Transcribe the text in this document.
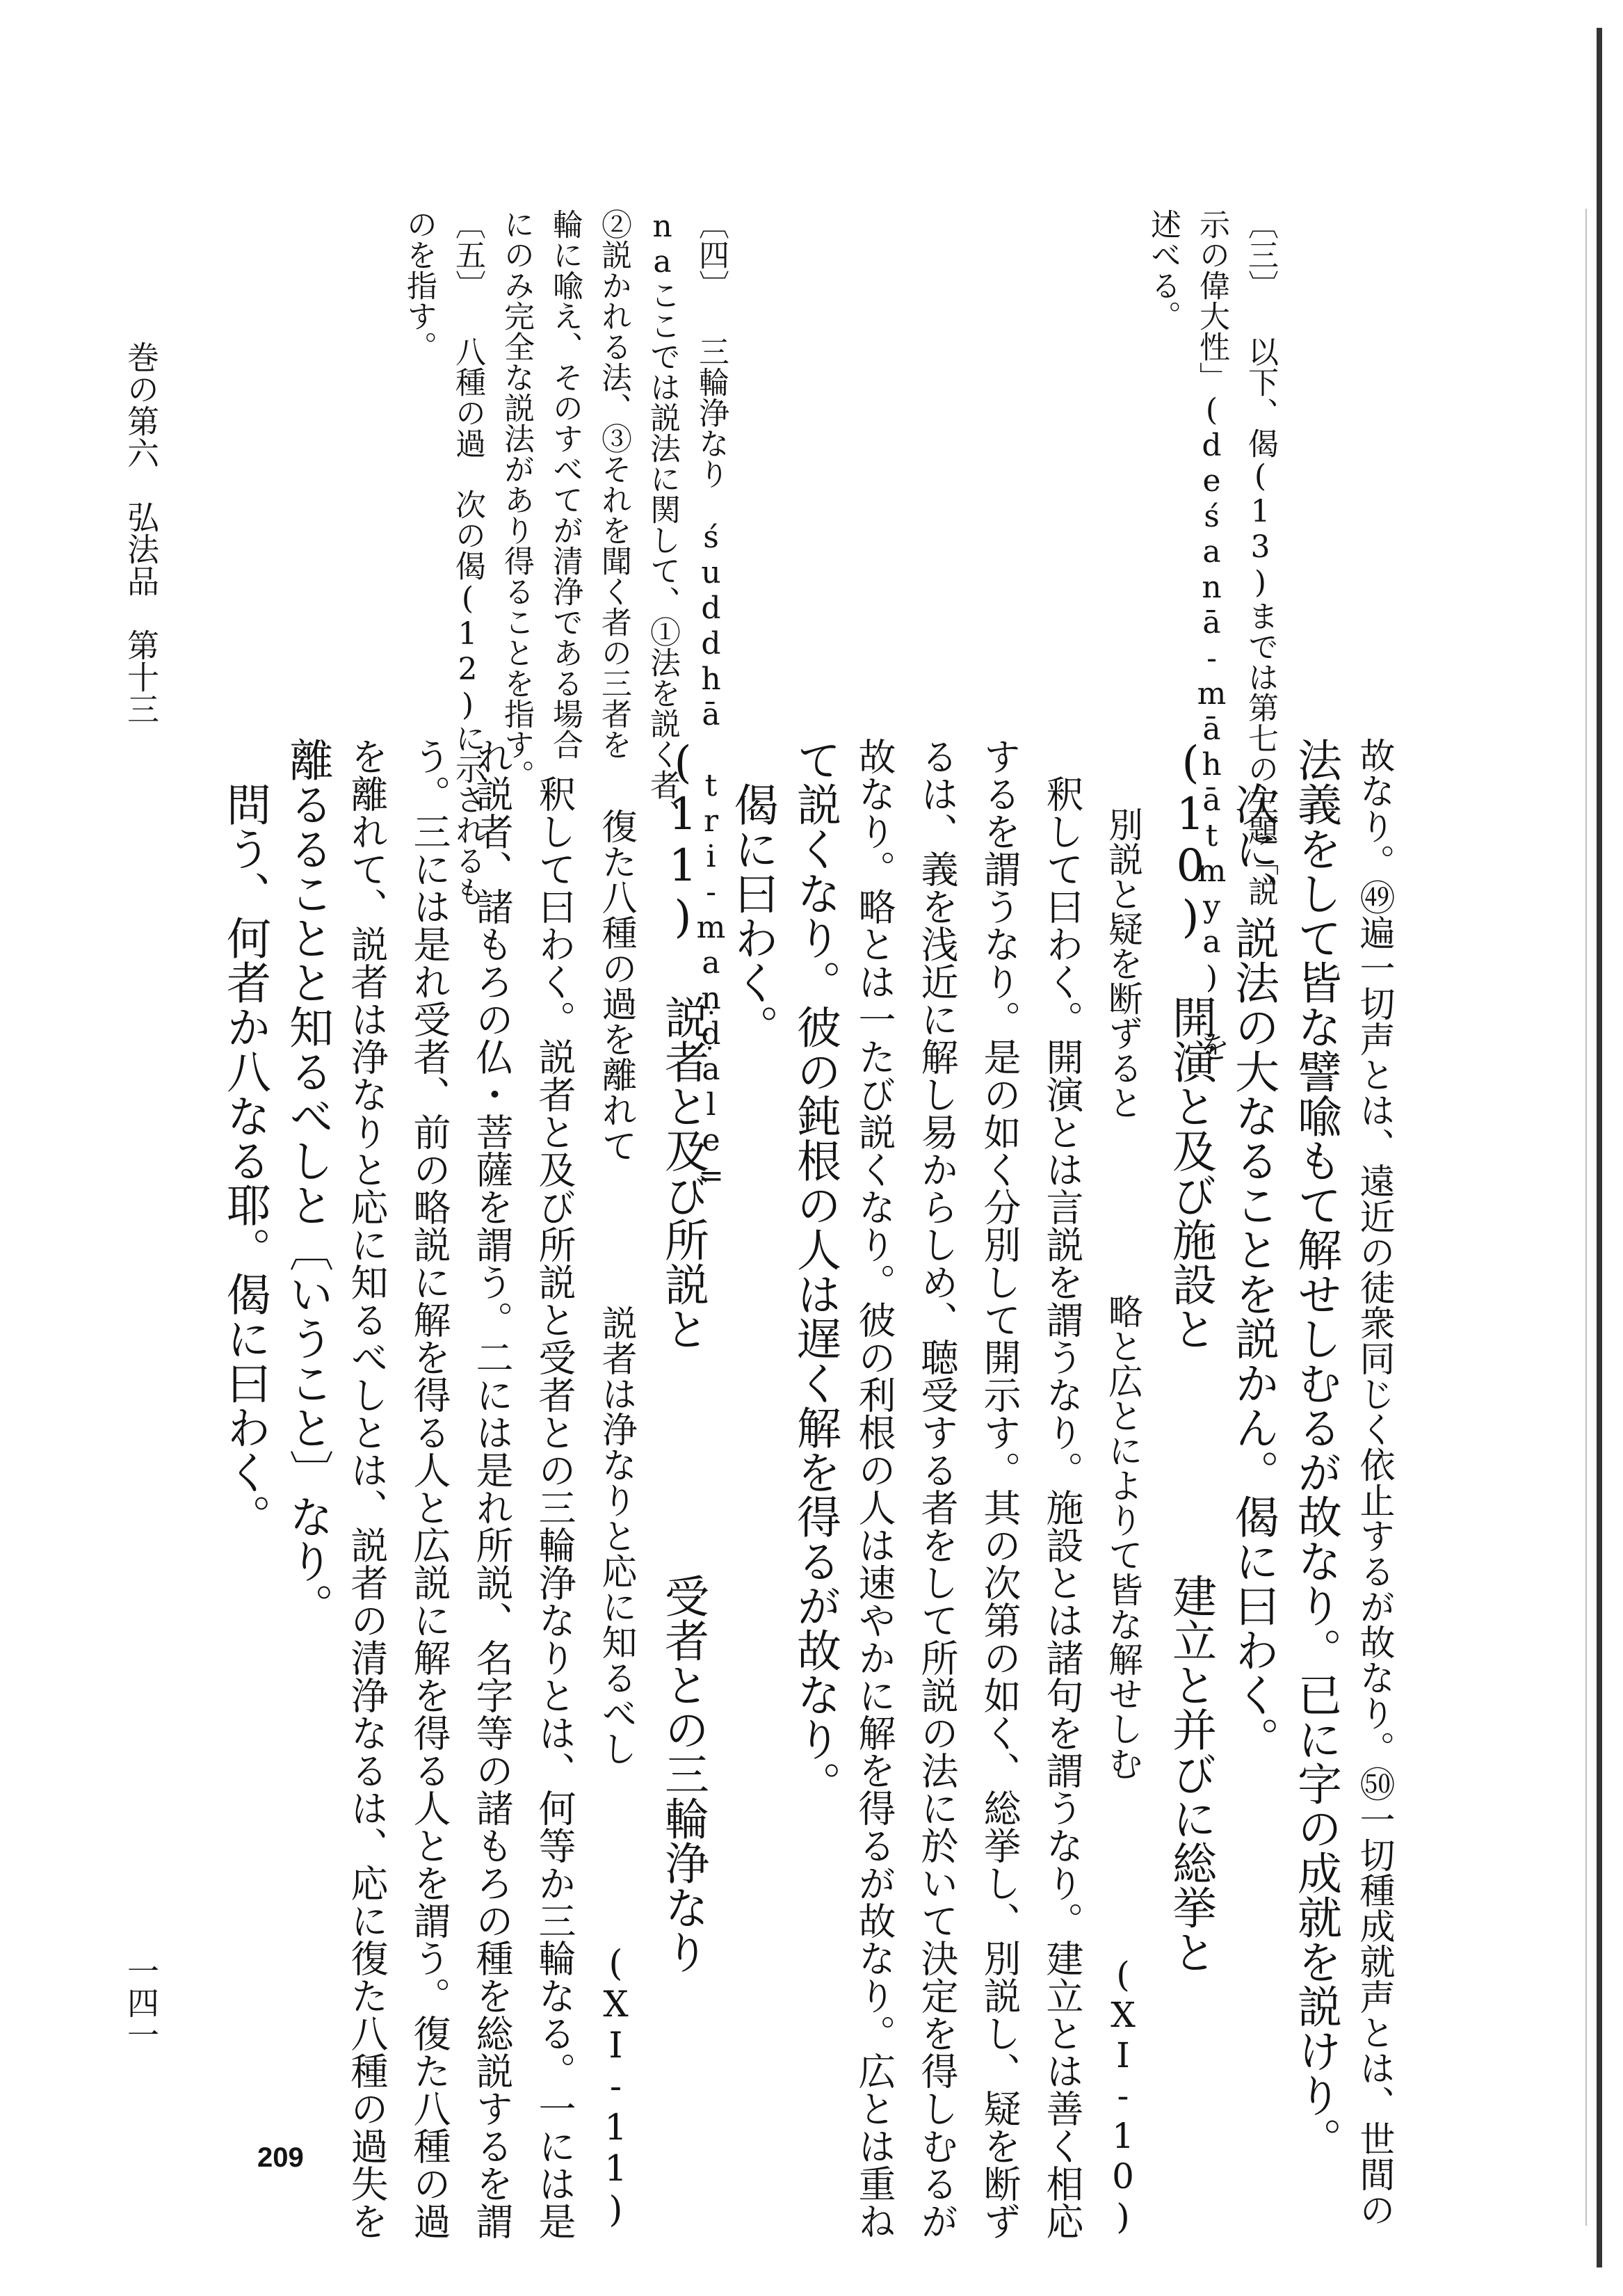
〔三〕 以下、偈(13)までは第七の主題「説
示の偉大性」(deśanā-māhātmya) を
述べる。
〔四〕 三輪浄なり　śuddhā tri-maṇḍale=
naここでは説法に関して、①法を説く者、
②説かれる法、③それを聞く者の三者を
輪に喩え、そのすべてが清浄である場合
にのみ完全な説法があり得ることを指す。
〔五〕 八種の過　次の偈(12)に示されるも
のを指す。
巻の第六　弘法品　第十三
故なり。㊾遍一切声とは、遠近の徒衆同じく依止するが故なり。㊿一切種成就声とは、世間の
法義をして皆な譬喩もて解せしむるが故なり。已に字の成就を説けり。
　次に、説法の大なることを説かん。偈に曰わく。
(10) 開演と及び施設と　　　　　建立と并びに総挙と
　　別説と疑を断ずると　　　　　略と広とによりて皆な解せしむ　　　　　(XI-10)
　釈して曰わく。開演とは言説を謂うなり。施設とは諸句を謂うなり。建立とは善く相応
するを謂うなり。是の如く分別して開示す。其の次第の如く、総挙し、別説し、疑を断ず
るは、義を浅近に解し易からしめ、聴受する者をして所説の法に於いて決定を得しむるが
故なり。略とは一たび説くなり。彼の利根の人は速やかに解を得るが故なり。広とは重ね
て説くなり。彼の鈍根の人は遅く解を得るが故なり。
　偈に曰わく。
(11) 説者と及び所説と　　　　　受者との三輪浄なり
　　復た八種の過を離れて　　　　説者は浄なりと応に知るべし　　　　　(XI-11)
　釈して曰わく。説者と及び所説と受者との三輪浄なりとは、何等か三輪なる。一には是
れ説者、諸もろの仏・菩薩を謂う。二には是れ所説、名字等の諸もろの種を総説するを謂
う。三には是れ受者、前の略説に解を得る人と広説に解を得る人とを謂う。復た八種の過
を離れて、説者は浄なりと応に知るべしとは、説者の清浄なるは、応に復た八種の過失を
離るることと知るべしと〔いうこと〕なり。
　問う、何者か八なる耶。偈に曰わく。
一四一
209
